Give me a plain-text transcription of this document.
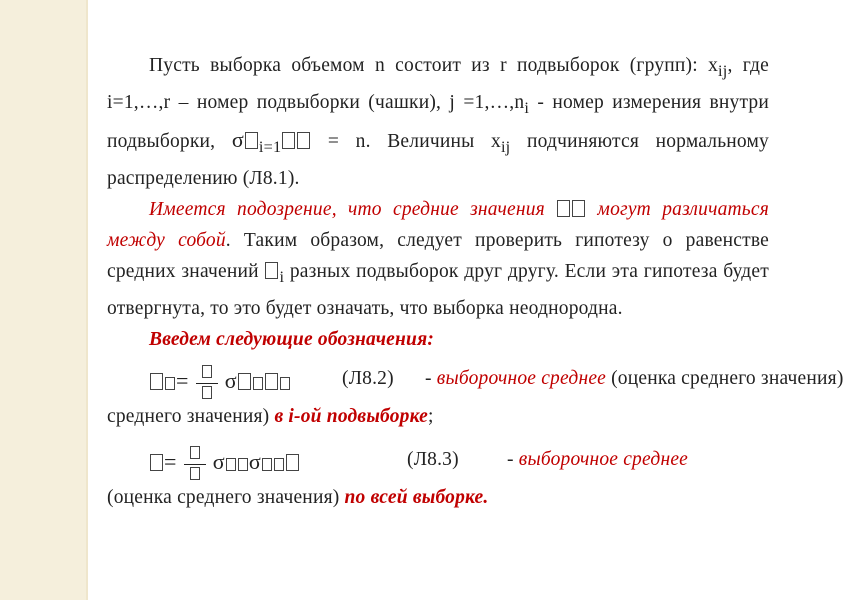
Пусть выборка объемом n состоит из r подвыборок (групп): $x_{ij}$, где i=1,…,r – номер подвыборки (чашки), $j =1,\dots,n_i$ - номер измерения внутри подвыборки, σ $_{i=1}$ = n. Величины $x_{ij}$ подчиняются нормальному распределению (Л8.1).

Имеется подозрение, что средние значения  могут различаться между собой. Таким образом, следует проверить гипотезу о равенстве средних значений $_i$ разных подвыборок друг другу. Если эта гипотеза будет отвергнута, то это будет означать, что выборка неоднородна.

Введем следующие обозначения:

= σ	(Л8.2) - выборочное среднее (оценка среднего значения)

среднего значения) в i-ой подвыборке;

= σ σ	(Л8.3) - выборочное среднее

(оценка среднего значения) по всей выборке.
